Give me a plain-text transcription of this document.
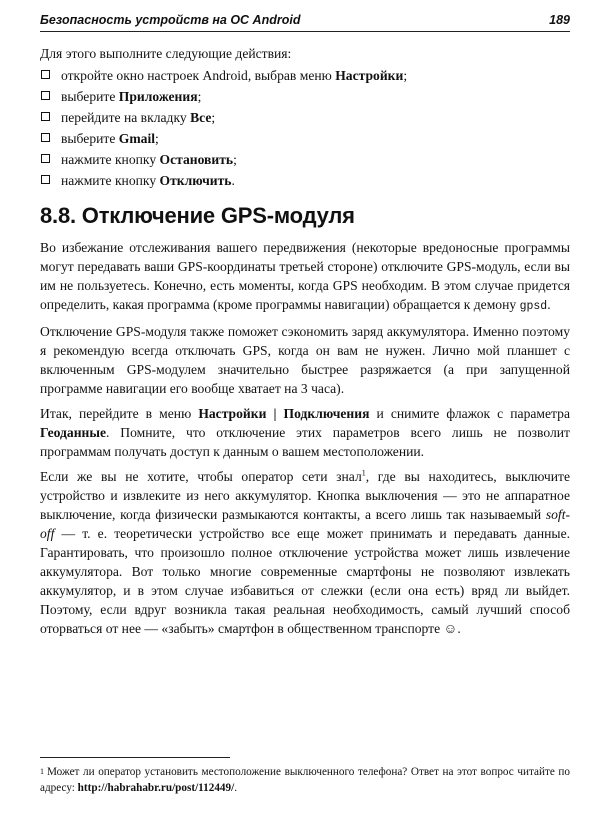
Безопасность устройств на ОС Android	189

Для этого выполните следующие действия:

откройте окно настроек Android, выбрав меню Настройки;
выберите Приложения;
перейдите на вкладку Все;
выберите Gmail;
нажмите кнопку Остановить;
нажмите кнопку Отключить.
8.8. Отключение GPS-модуля

Во избежание отслеживания вашего передвижения (некоторые вредоносные программы могут передавать ваши GPS-координаты третьей стороне) отключите GPS-модуль, если вы им не пользуетесь. Конечно, есть моменты, когда GPS необходим. В этом случае придется определить, какая программа (кроме программы навигации) обращается к демону gpsd.

Отключение GPS-модуля также поможет сэкономить заряд аккумулятора. Именно поэтому я рекомендую всегда отключать GPS, когда он вам не нужен. Лично мой планшет с включенным GPS-модулем значительно быстрее разряжается (а при запущенной программе навигации его вообще хватает на 3 часа).

Итак, перейдите в меню Настройки | Подключения и снимите флажок с параметра Геоданные. Помните, что отключение этих параметров всего лишь не позволит программам получать доступ к данным о вашем местоположении.

Если же вы не хотите, чтобы оператор сети знал$^1$, где вы находитесь, выключите устройство и извлеките из него аккумулятор. Кнопка выключения — это не аппаратное выключение, когда физически размыкаются контакты, а всего лишь так называемый soft-off — т. е. теоретически устройство все еще может принимать и передавать данные. Гарантировать, что произошло полное отключение устройства может лишь извлечение аккумулятора. Вот только многие современные смартфоны не позволяют извлекать аккумулятор, и в этом случае избавиться от слежки (если она есть) вряд ли выйдет. Поэтому, если вдруг возникла такая реальная необходимость, самый лучший способ оторваться от нее — «забыть» смартфон в общественном транспорте ☺.

$^1$ Может ли оператор установить местоположение выключенного телефона? Ответ на этот вопрос читайте по адресу: http://habrahabr.ru/post/112449/.
